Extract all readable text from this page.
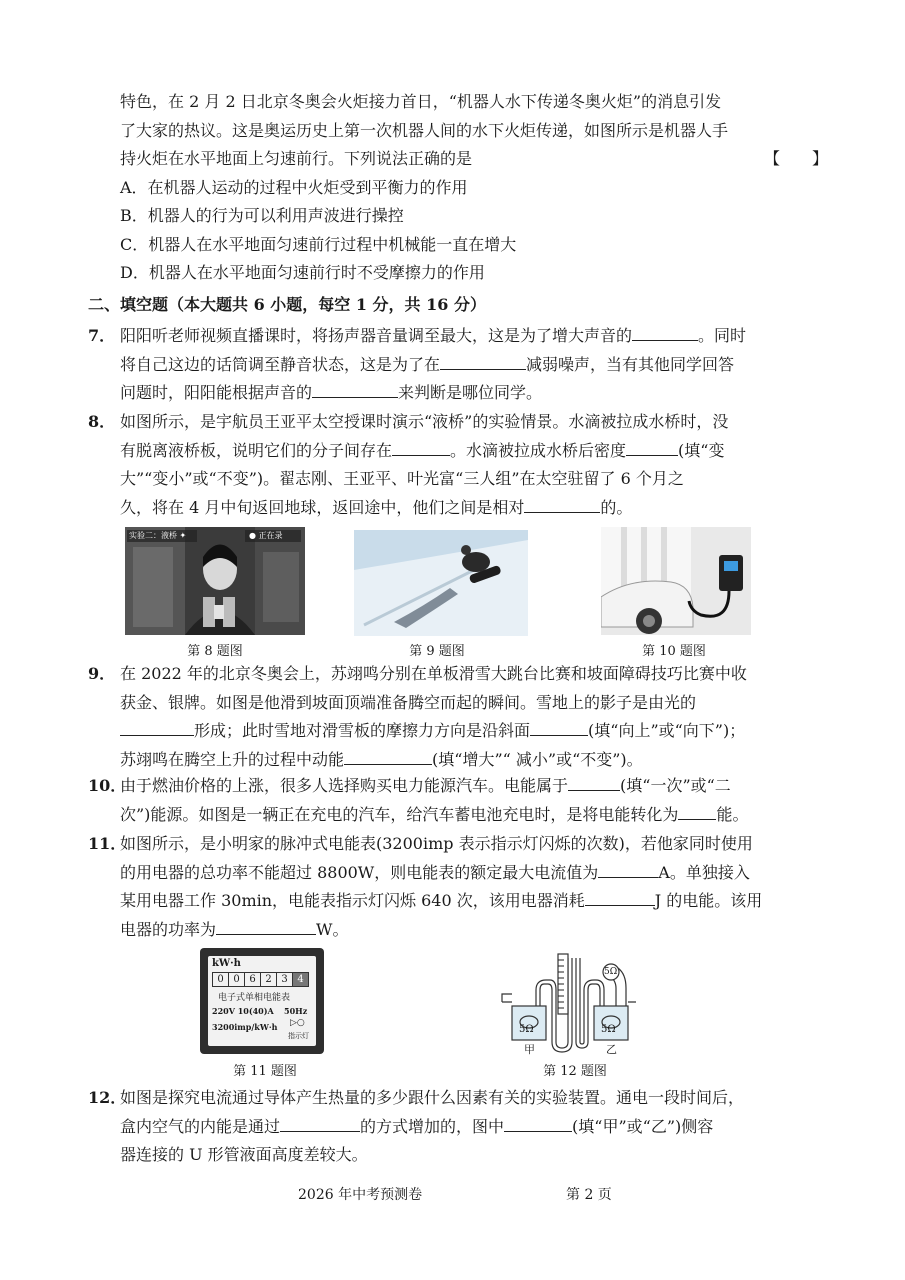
特色，在 2 月 2 日北京冬奥会火炬接力首日，“机器人水下传递冬奥火炬”的消息引发
了大家的热议。这是奥运历史上第一次机器人间的水下火炬传递，如图所示是机器人手
持火炬在水平地面上匀速前行。下列说法正确的是	【　　】
A．在机器人运动的过程中火炬受到平衡力的作用
B．机器人的行为可以利用声波进行操控
C．机器人在水平地面匀速前行过程中机械能一直在增大
D．机器人在水平地面匀速前行时不受摩擦力的作用
二、填空题（本大题共 6 小题，每空 1 分，共 16 分）
7． 阳阳听老师视频直播课时，将扬声器音量调至最大，这是为了增大声音的	。同时
将自己这边的话筒调至静音状态，这是为了在	减弱噪声，当有其他同学回答
问题时，阳阳能根据声音的	来判断是哪位同学。
8． 如图所示，是宇航员王亚平太空授课时演示“液桥”的实验情景。水滴被拉成水桥时，没
有脱离液桥板，说明它们的分子间存在	。水滴被拉成水桥后密度	(填“变
大”“变小”或“不变”)。翟志刚、王亚平、叶光富“三人组”在太空驻留了 6 个月之
久，将在 4 月中旬返回地球，返回途中，他们之间是相对	的。
实验二：液桥 ✦	● 正在录
第 8 题图	第 9 题图	第 10 题图
9． 在 2022 年的北京冬奥会上，苏翊鸣分别在单板滑雪大跳台比赛和坡面障碍技巧比赛中收
获金、银牌。如图是他滑到坡面顶端准备腾空而起的瞬间。雪地上的影子是由光的
形成；此时雪地对滑雪板的摩擦力方向是沿斜面	(填“向上”或“向下”)；
苏翊鸣在腾空上升的过程中动能	(填“增大”“ 减小”或“不变”)。
10．由于燃油价格的上涨，很多人选择购买电力能源汽车。电能属于	(填“一次”或“二
次”)能源。如图是一辆正在充电的汽车，给汽车蓄电池充电时，是将电能转化为 能。
11．如图所示，是小明家的脉冲式电能表(3200imp 表示指示灯闪烁的次数)，若他家同时使用
的用电器的总功率不能超过 8800W，则电能表的额定最大电流值为	A。单独接入
某用电器工作 30min，电能表指示灯闪烁 640 次，该用电器消耗	J 的电能。该用
电器的功率为	W。
kW·h
0 0 6 2 3 4
电子式单相电能表
220V 10(40)A 50Hz
3200imp/kW·h ▷○
指示灯
第 11 题图
5Ω	5Ω
5Ω
甲	乙
第 12 题图
12．如图是探究电流通过导体产生热量的多少跟什么因素有关的实验装置。通电一段时间后，
盒内空气的内能是通过	的方式增加的，图中	(填“甲”或“乙”)侧容
器连接的 U 形管液面高度差较大。
2026 年中考预测卷	第 2 页
